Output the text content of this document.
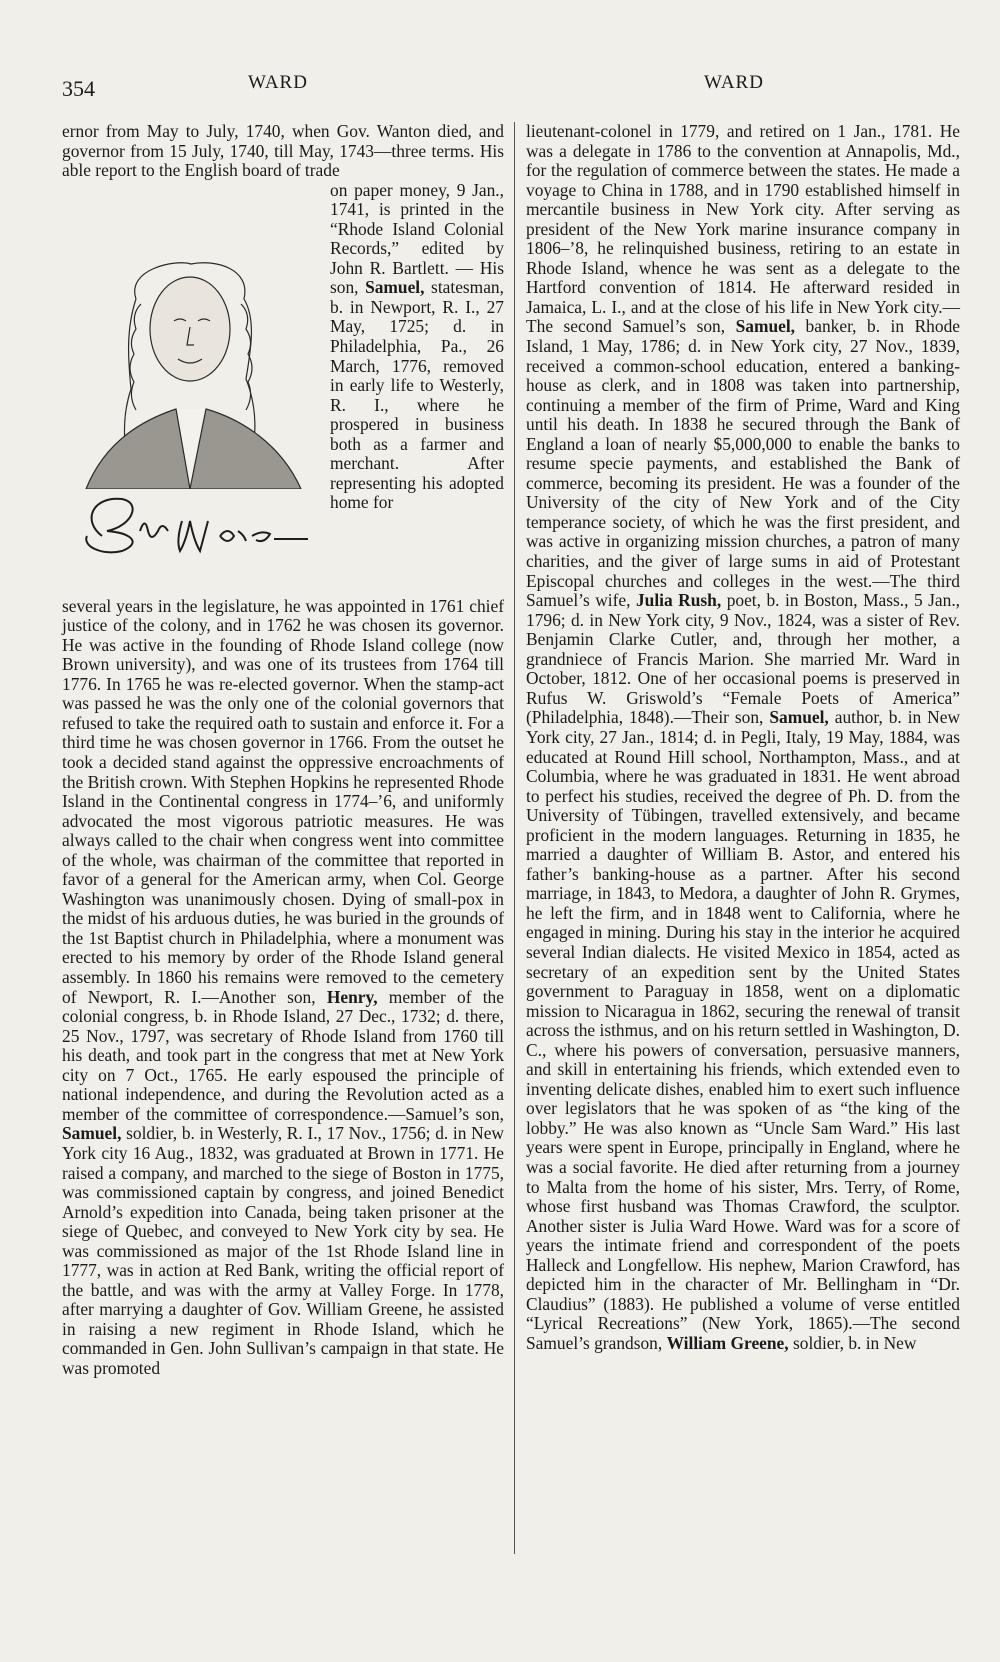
354	WARD	WARD

ernor from May to July, 1740, when Gov. Wanton died, and governor from 15 July, 1740, till May, 1743—three terms. His able report to the English board of trade

on paper money, 9 Jan., 1741, is printed in the “Rhode Island Colonial Records,” edited by John R. Bartlett. — His son, Samuel, statesman, b. in Newport, R. I., 27 May, 1725; d. in Philadelphia, Pa., 26 March, 1776, removed in early life to Westerly, R. I., where he prospered in business both as a farmer and merchant. After representing his adopted home for

several years in the legislature, he was appointed in 1761 chief justice of the colony, and in 1762 he was chosen its governor. He was active in the founding of Rhode Island college (now Brown university), and was one of its trustees from 1764 till 1776. In 1765 he was re-elected governor. When the stamp-act was passed he was the only one of the colonial governors that refused to take the required oath to sustain and enforce it. For a third time he was chosen governor in 1766. From the outset he took a decided stand against the oppressive encroachments of the British crown. With Stephen Hopkins he represented Rhode Island in the Continental congress in 1774–’6, and uniformly advocated the most vigorous patriotic measures. He was always called to the chair when congress went into committee of the whole, was chairman of the committee that reported in favor of a general for the American army, when Col. George Washington was unanimously chosen. Dying of small-pox in the midst of his arduous duties, he was buried in the grounds of the 1st Baptist church in Philadelphia, where a monument was erected to his memory by order of the Rhode Island general assembly. In 1860 his remains were removed to the cemetery of Newport, R. I.—Another son, Henry, member of the colonial congress, b. in Rhode Island, 27 Dec., 1732; d. there, 25 Nov., 1797, was secretary of Rhode Island from 1760 till his death, and took part in the congress that met at New York city on 7 Oct., 1765. He early espoused the principle of national independence, and during the Revolution acted as a member of the committee of correspondence.—Samuel’s son, Samuel, soldier, b. in Westerly, R. I., 17 Nov., 1756; d. in New York city 16 Aug., 1832, was graduated at Brown in 1771. He raised a company, and marched to the siege of Boston in 1775, was commissioned captain by congress, and joined Benedict Arnold’s expedition into Canada, being taken prisoner at the siege of Quebec, and conveyed to New York city by sea. He was commissioned as major of the 1st Rhode Island line in 1777, was in action at Red Bank, writing the official report of the battle, and was with the army at Valley Forge. In 1778, after marrying a daughter of Gov. William Greene, he assisted in raising a new regiment in Rhode Island, which he commanded in Gen. John Sullivan’s campaign in that state. He was promoted

lieutenant-colonel in 1779, and retired on 1 Jan., 1781. He was a delegate in 1786 to the convention at Annapolis, Md., for the regulation of commerce between the states. He made a voyage to China in 1788, and in 1790 established himself in mercantile business in New York city. After serving as president of the New York marine insurance company in 1806–’8, he relinquished business, retiring to an estate in Rhode Island, whence he was sent as a delegate to the Hartford convention of 1814. He afterward resided in Jamaica, L. I., and at the close of his life in New York city.—The second Samuel’s son, Samuel, banker, b. in Rhode Island, 1 May, 1786; d. in New York city, 27 Nov., 1839, received a common-school education, entered a banking-house as clerk, and in 1808 was taken into partnership, continuing a member of the firm of Prime, Ward and King until his death. In 1838 he secured through the Bank of England a loan of nearly $5,000,000 to enable the banks to resume specie payments, and established the Bank of commerce, becoming its president. He was a founder of the University of the city of New York and of the City temperance society, of which he was the first president, and was active in organizing mission churches, a patron of many charities, and the giver of large sums in aid of Protestant Episcopal churches and colleges in the west.—The third Samuel’s wife, Julia Rush, poet, b. in Boston, Mass., 5 Jan., 1796; d. in New York city, 9 Nov., 1824, was a sister of Rev. Benjamin Clarke Cutler, and, through her mother, a grandniece of Francis Marion. She married Mr. Ward in October, 1812. One of her occasional poems is preserved in Rufus W. Griswold’s “Female Poets of America” (Philadelphia, 1848).—Their son, Samuel, author, b. in New York city, 27 Jan., 1814; d. in Pegli, Italy, 19 May, 1884, was educated at Round Hill school, Northampton, Mass., and at Columbia, where he was graduated in 1831. He went abroad to perfect his studies, received the degree of Ph. D. from the University of Tübingen, travelled extensively, and became proficient in the modern languages. Returning in 1835, he married a daughter of William B. Astor, and entered his father’s banking-house as a partner. After his second marriage, in 1843, to Medora, a daughter of John R. Grymes, he left the firm, and in 1848 went to California, where he engaged in mining. During his stay in the interior he acquired several Indian dialects. He visited Mexico in 1854, acted as secretary of an expedition sent by the United States government to Paraguay in 1858, went on a diplomatic mission to Nicaragua in 1862, securing the renewal of transit across the isthmus, and on his return settled in Washington, D. C., where his powers of conversation, persuasive manners, and skill in entertaining his friends, which extended even to inventing delicate dishes, enabled him to exert such influence over legislators that he was spoken of as “the king of the lobby.” He was also known as “Uncle Sam Ward.” His last years were spent in Europe, principally in England, where he was a social favorite. He died after returning from a journey to Malta from the home of his sister, Mrs. Terry, of Rome, whose first husband was Thomas Crawford, the sculptor. Another sister is Julia Ward Howe. Ward was for a score of years the intimate friend and correspondent of the poets Halleck and Longfellow. His nephew, Marion Crawford, has depicted him in the character of Mr. Bellingham in “Dr. Claudius” (1883). He published a volume of verse entitled “Lyrical Recreations” (New York, 1865).—The second Samuel’s grandson, William Greene, soldier, b. in New
